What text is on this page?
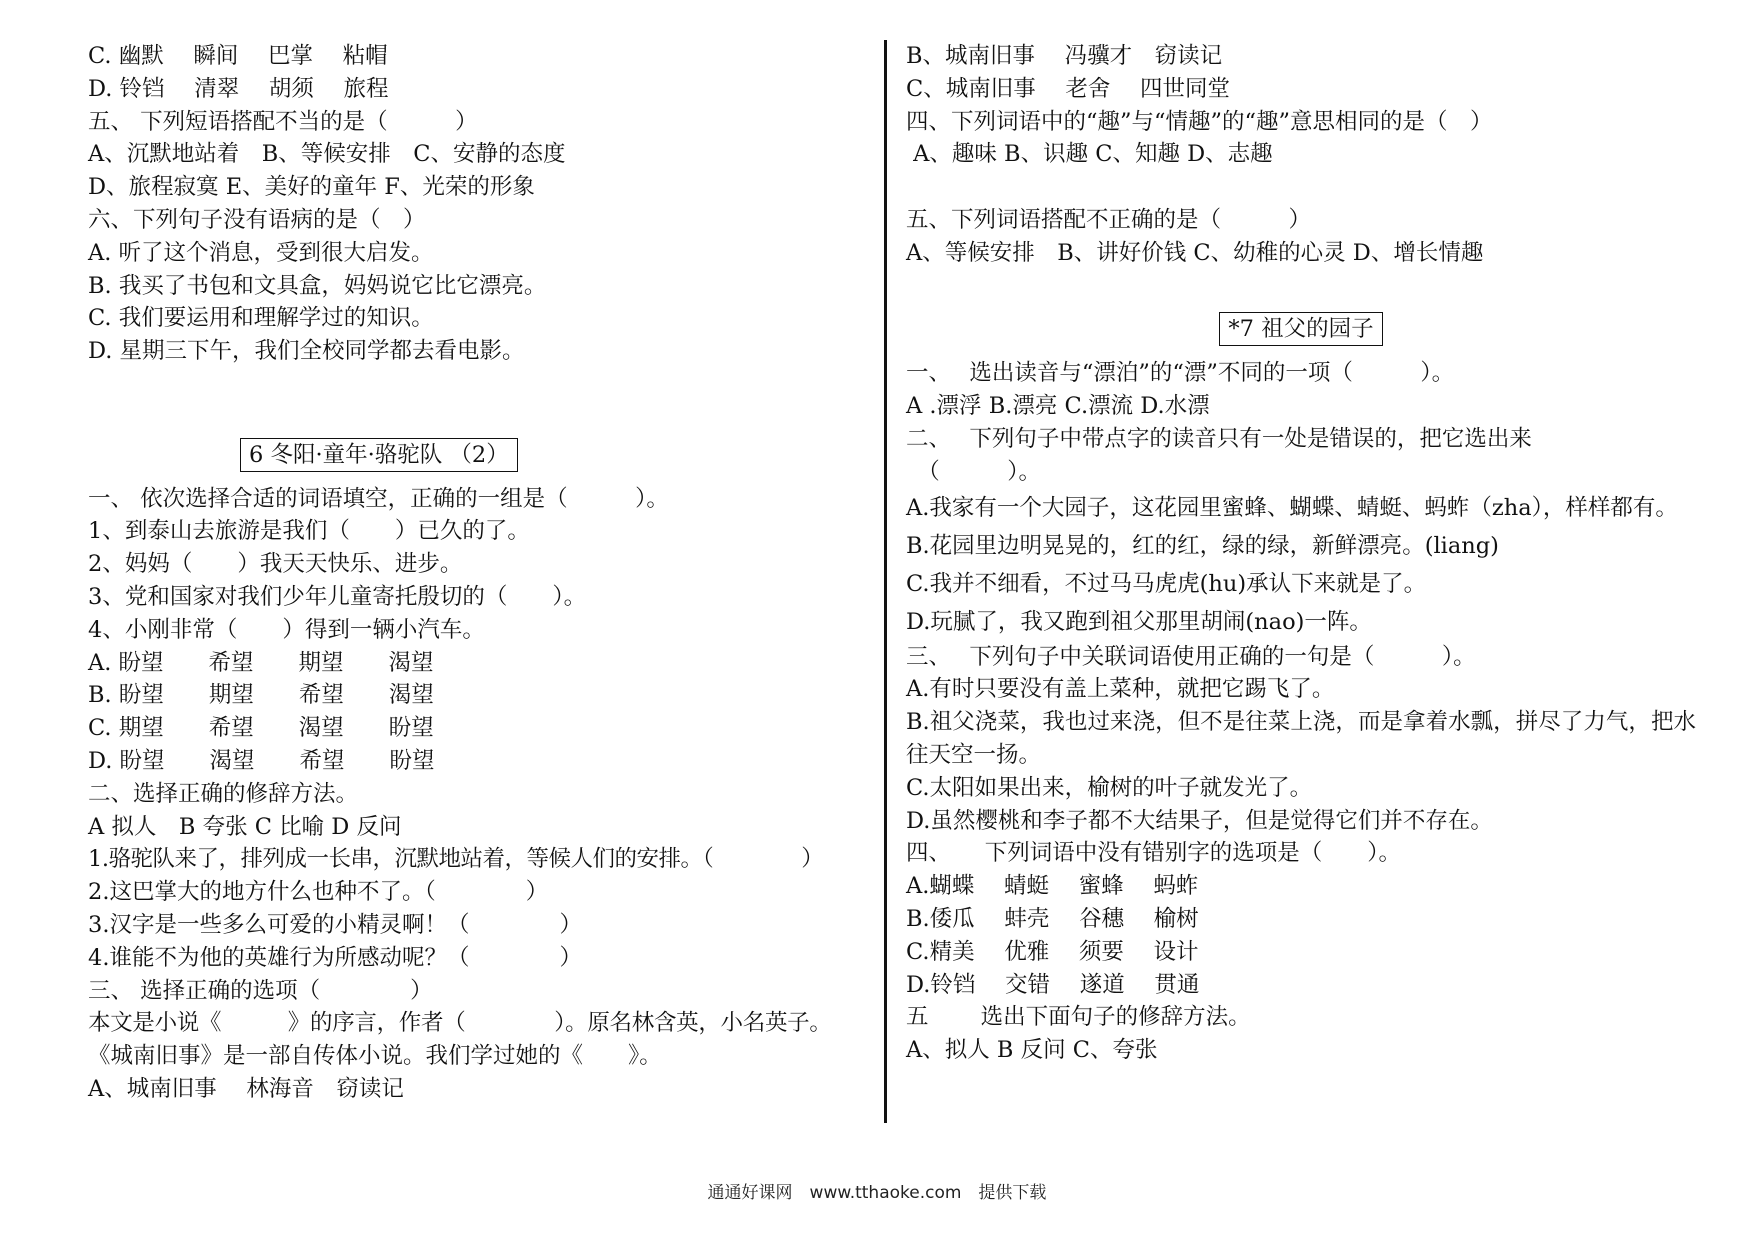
C. 幽默　 瞬间　 巴掌　 粘帽
D. 铃铛　 清翠　 胡须　 旅程
五、 下列短语搭配不当的是（　　　）
A、沉默地站着　B、等候安排　C、安静的态度
D、旅程寂寞 E、美好的童年 F、光荣的形象
六、下列句子没有语病的是（　）
A. 听了这个消息，受到很大启发。
B. 我买了书包和文具盒，妈妈说它比它漂亮。
C. 我们要运用和理解学过的知识。
D. 星期三下午，我们全校同学都去看电影。
6 冬阳·童年·骆驼队 （2）
一、 依次选择合适的词语填空，正确的一组是（　　　）。
1、到泰山去旅游是我们（　　）已久的了。
2、妈妈（　　）我天天快乐、进步。
3、党和国家对我们少年儿童寄托殷切的（　　）。
4、小刚非常（　　）得到一辆小汽车。
A. 盼望　　希望　　期望　　渴望
B. 盼望　　期望　　希望　　渴望
C. 期望　　希望　　渴望　　盼望
D. 盼望　　渴望　　希望　　盼望
二、选择正确的修辞方法。
A 拟人　B 夸张 C 比喻 D 反问
1.骆驼队来了，排列成一长串，沉默地站着，等候人们的安排。（　　　　）
2.这巴掌大的地方什么也种不了。（　　　　）
3.汉字是一些多么可爱的小精灵啊！（　　　　）
4.谁能不为他的英雄行为所感动呢？（　　　　）
三、 选择正确的选项（　　　　）
本文是小说《　　　》的序言，作者（　　　　）。原名林含英，小名英子。
《城南旧事》是一部自传体小说。我们学过她的《　　》。
A、城南旧事　 林海音　窃读记
B、城南旧事　 冯骥才　窃读记
C、城南旧事　 老舍　 四世同堂
四、下列词语中的“趣”与“情趣”的“趣”意思相同的是（　）
A、趣味 B、识趣 C、知趣 D、志趣
五、下列词语搭配不正确的是（　　　）
A、等候安排　B、讲好价钱 C、幼稚的心灵 D、增长情趣
*7 祖父的园子
一、　 选出读音与“漂泊”的“漂”不同的一项（　　　）。
A .漂浮 B.漂亮 C.漂流 D.水漂
二、　 下列句子中带点字的读音只有一处是错误的，把它选出来
　（　　　）。
A.我家有一个大园子，这花园里蜜蜂、蝴蝶、蜻蜓、蚂蚱（zha），样样都有。
B.花园里边明晃晃的，红的红，绿的绿，新鲜漂亮。(liang)
C.我并不细看，不过马马虎虎(hu)承认下来就是了。
D.玩腻了，我又跑到祖父那里胡闹(nao)一阵。
三、　 下列句子中关联词语使用正确的一句是（　　　）。
A.有时只要没有盖上菜种，就把它踢飞了。
B.祖父浇菜，我也过来浇，但不是往菜上浇，而是拿着水瓢，拼尽了力气，把水往天空一扬。
C.太阳如果出来，榆树的叶子就发光了。
D.虽然樱桃和李子都不大结果子，但是觉得它们并不存在。
四、　　下列词语中没有错别字的选项是（　　）。
A.蝴蝶　 蜻蜓　 蜜蜂　 蚂蚱
B.倭瓜　 蚌壳　 谷穗　 榆树
C.精美　 优雅　 须要　 设计
D.铃铛　 交错　 遂道　 贯通
五　　 选出下面句子的修辞方法。
A、拟人 B 反问 C、夸张
通通好课网　www.tthaoke.com　提供下载
